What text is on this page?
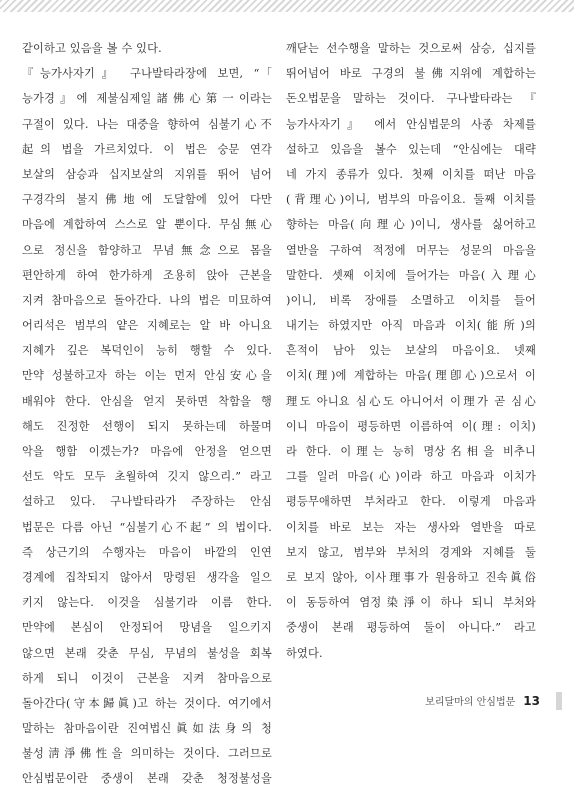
같이하고 있음을 볼 수 있다.
『능가사자기』 구나발타라장에 보면, “「
능가경』에 제불심제일諸佛心第一이라는
구절이 있다. 나는 대중을 향하여 심불기心不
起의 법을 가르치었다. 이 법은 숭문 연각
보살의 삼승과 십지보살의 지위를 뛰어 넘어
구경각의 불지佛地에 도달함에 있어 다만
마음에 계합하여 스스로 알 뿐이다. 무심無心
으로 정신을 함양하고 무념無念으로 몸을
편안하게 하여 한가하게 조용히 앉아 근본을
지켜 참마음으로 돌아간다. 나의 법은 미묘하여
어리석은 범부의 얕은 지혜로는 알 바 아니요
지혜가 깊은 복덕인이 능히 행할 수 있다.
만약 성불하고자 하는 이는 먼저 안심安心을
배워야 한다. 안심을 얻지 못하면 착함을 행
해도 진정한 선행이 되지 못하는데 하물며
악을 행함 이겠는가? 마음에 안정을 얻으면
선도 악도 모두 초월하여 깃지 않으리.” 라고
설하고 있다. 구나발타라가 주장하는 안심
법문은 다름 아닌 “심불기心不起” 의 법이다.
즉 상근기의 수행자는 마음이 바깥의 인연
경계에 집착되지 않아서 망령된 생각을 일으
키지 않는다. 이것을 심불기라 이름 한다.
만약에 본심이 안정되어 망념을 일으키지
않으면 본래 갖춘 무심, 무념의 불성을 회복
하게 되니 이것이 근본을 지켜 참마음으로
돌아간다(守本歸眞)고 하는 것이다. 여기에서
말하는 참마음이란 진여법신眞如法身의 청
불성淸淨佛性을 의미하는 것이다. 그러므로
안심법문이란 중생이 본래 갖춘 청정불성을
깨닫는 선수행을 말하는 것으로써 삼승, 십지를
뛰어넘어 바로 구경의 불佛지위에 계합하는
돈오법문을 말하는 것이다. 구나발타라는 『
능가사자기』 에서 안심법문의 사종 차제를
설하고 있음을 볼수 있는데 “안심에는 대략
네 가지 종류가 있다. 첫째 이치를 떠난 마음
(背理心)이니, 범부의 마음이요. 둘째 이치를
향하는 마음(向理心)이니, 생사를 싫어하고
열반을 구하여 적정에 머무는 성문의 마음을
말한다. 셋째 이치에 들어가는 마음(入理心
)이니, 비록 장애를 소멸하고 이치를 들어
내기는 하였지만 아직 마음과 이치(能所)의
흔적이 남아 있는 보살의 마음이요. 넷째
이치(理)에 계합하는 마음(理卽心)으로서 이
理도 아니요 심心도 아니어서 이理가 곧 심心
이니 마음이 평등하면 이름하여 이(理: 이치)
라 한다. 이理는 능히 명상名相을 비추니
그를 일러 마음(心)이라 하고 마음과 이치가
평등무애하면 부처라고 한다. 이렇게 마음과
이치를 바로 보는 자는 생사와 열반을 따로
보지 않고, 범부와 부처의 경계와 지혜를 둘
로 보지 않아, 이사理事가 원융하고 진속眞俗
이 동등하여 염정染淨이 하나 되니 부처와
중생이 본래 평등하여 둘이 아니다.” 라고
하였다.
보리달마의 안심법문 13
